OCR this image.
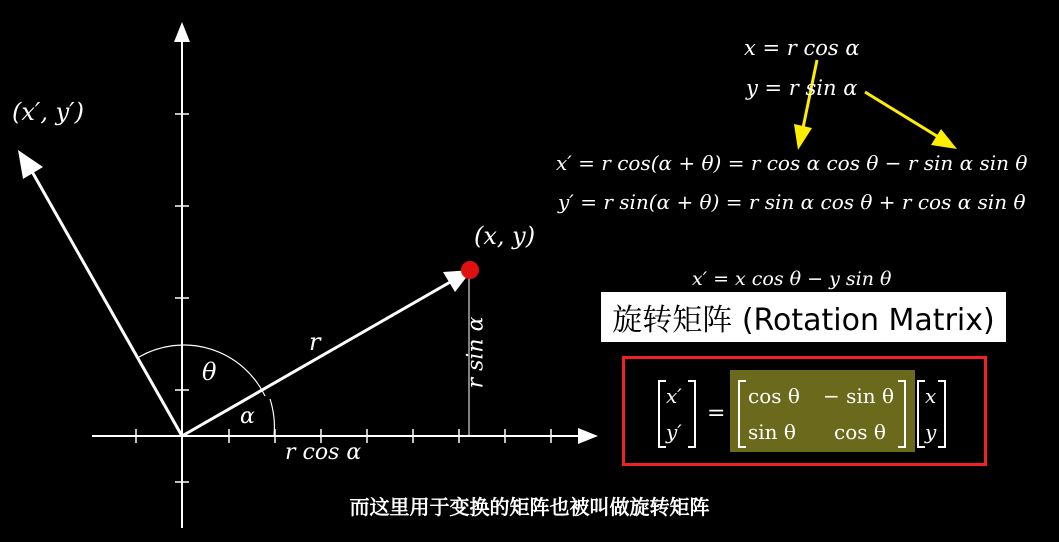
(x′, y′)
(x, y)
r
θ
α
r cos α
r sin α
x = r cos α
y = r sin α
x′ = r cos(α + θ) = r cos α cos θ − r sin α sin θ
y′ = r sin(α + θ) = r sin α cos θ + r cos α sin θ
x′ = x cos θ − y sin θ
旋转矩阵 (Rotation Matrix)
x′
y′
=
cos θ − sin θ
sin θ cos θ
x
y
而这里用于变换的矩阵也被叫做旋转矩阵
